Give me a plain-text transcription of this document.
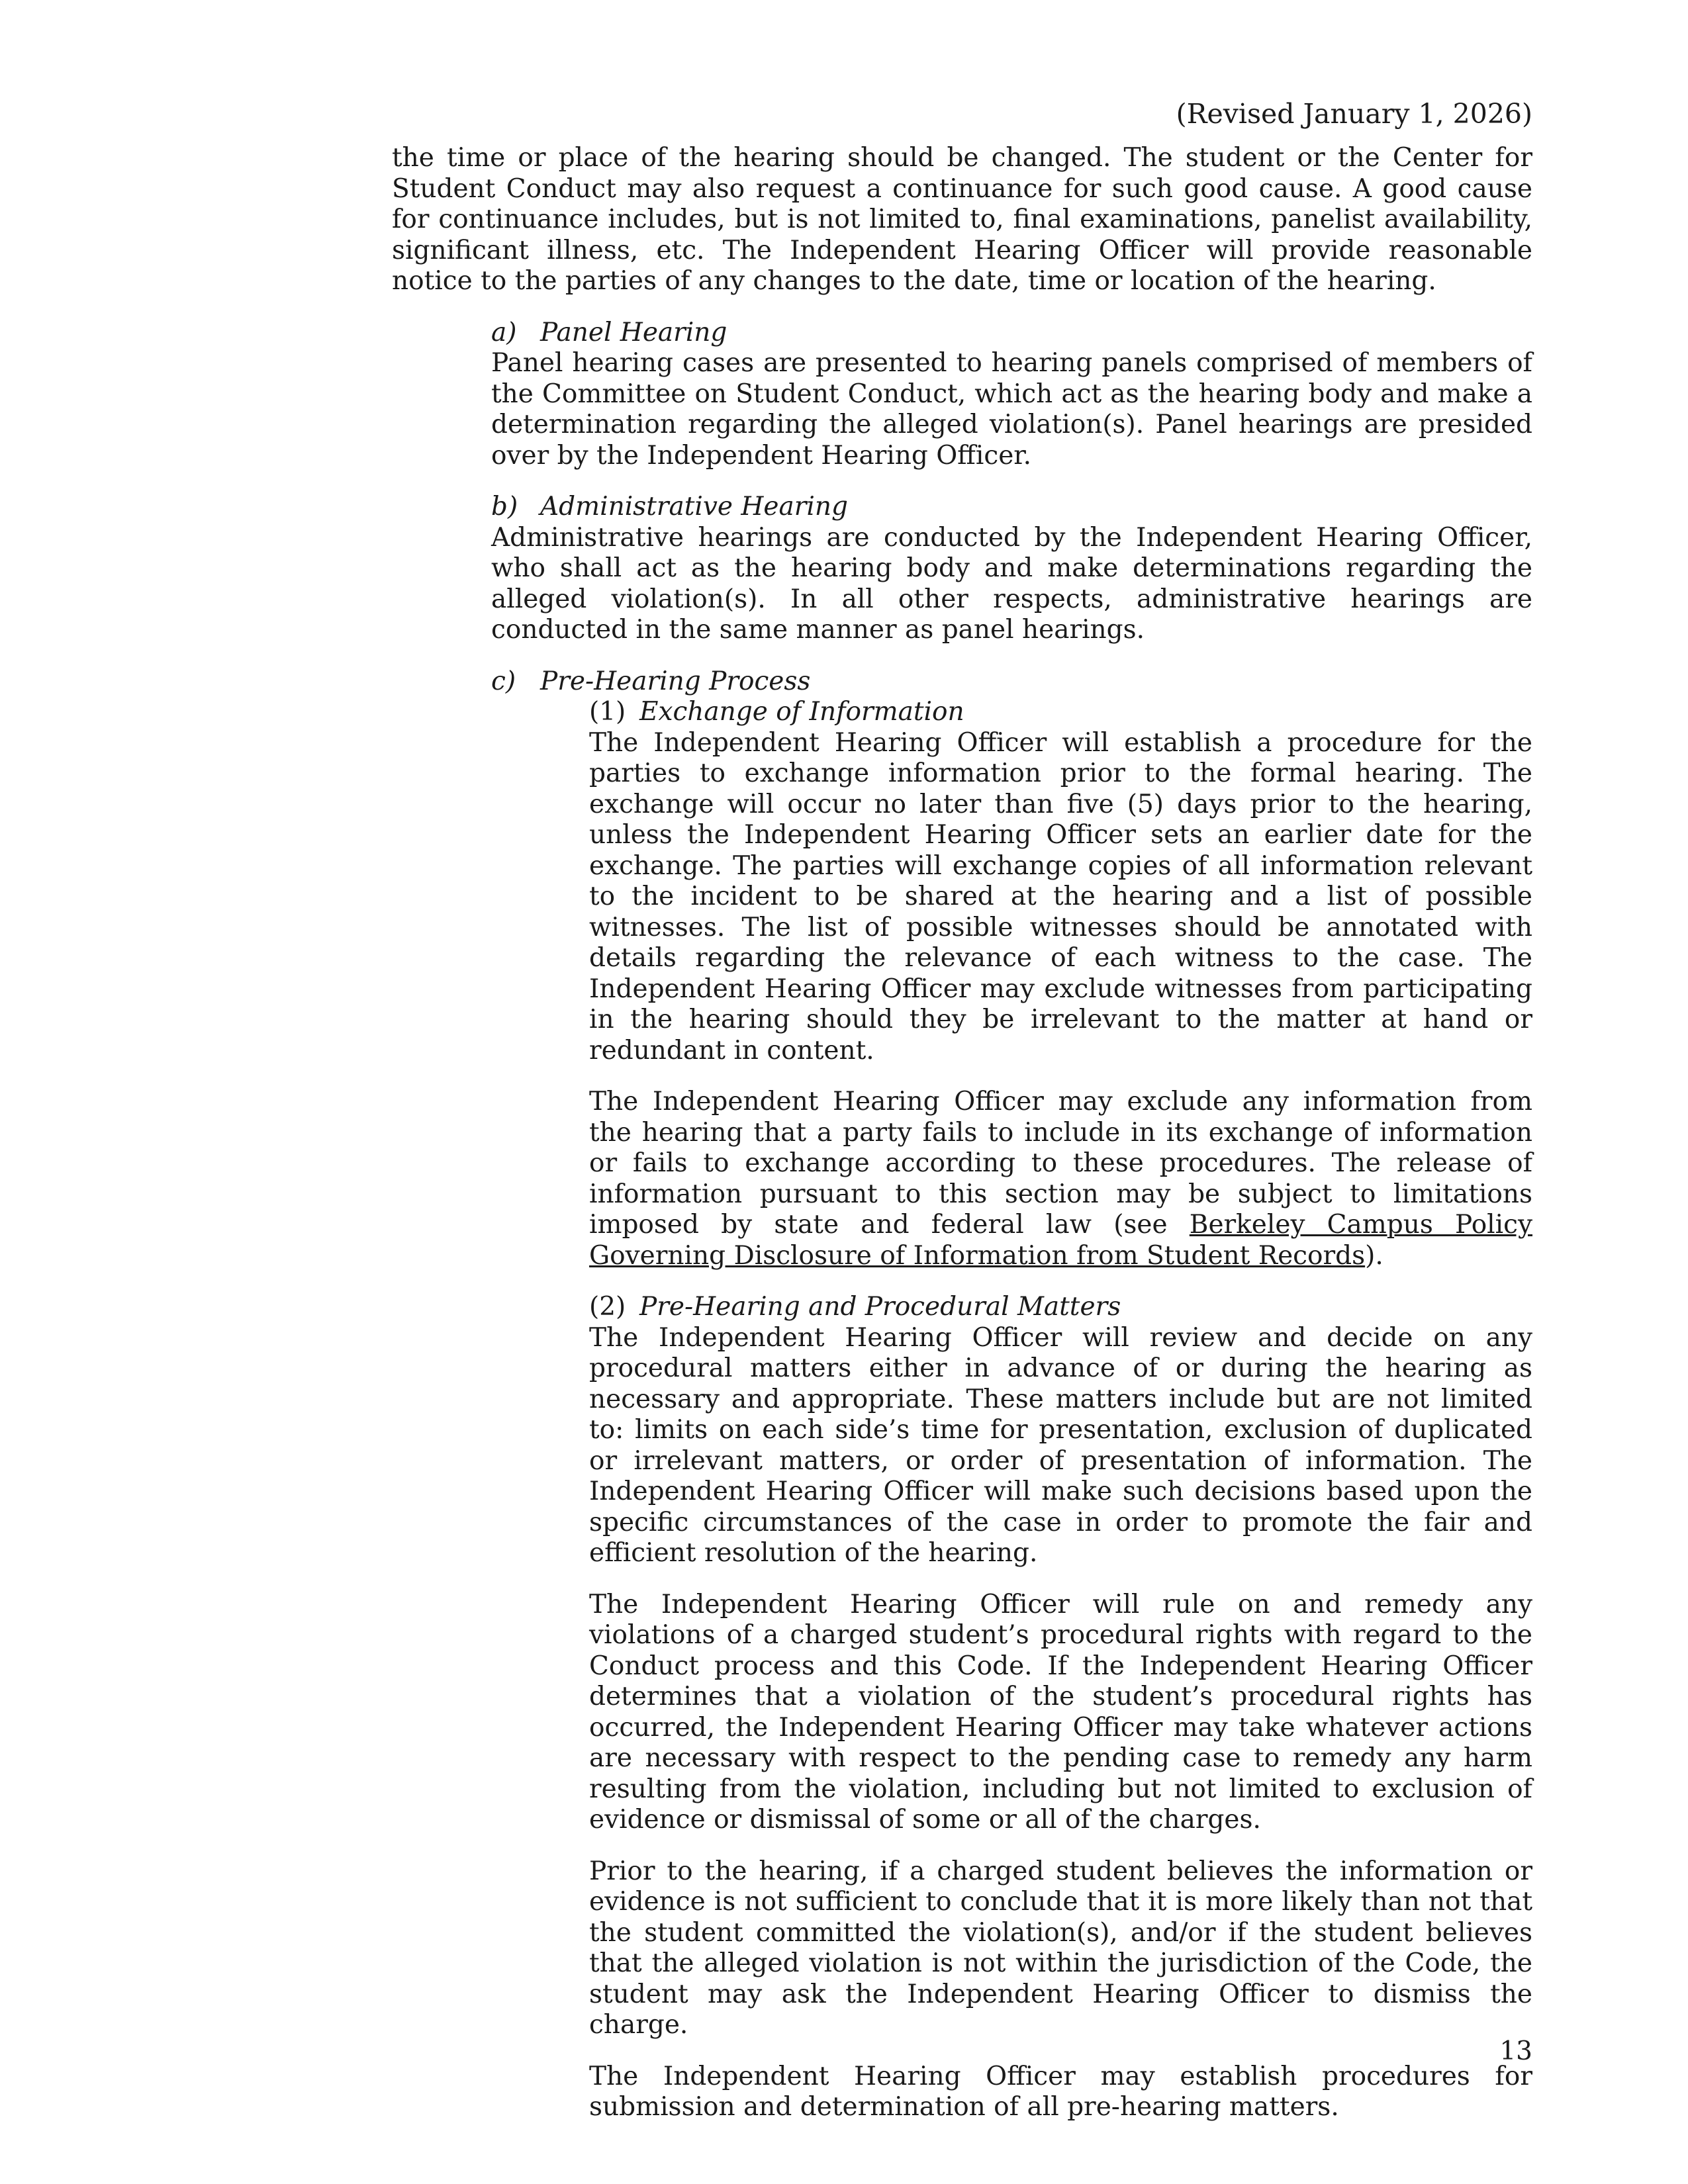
(Revised January 1, 2026)

the time or place of the hearing should be changed. The student or the Center for Student Conduct may also request a continuance for such good cause. A good cause for continuance includes, but is not limited to, final examinations, panelist availability, significant illness, etc. The Independent Hearing Officer will provide reasonable notice to the parties of any changes to the date, time or location of the hearing.

a) Panel Hearing

Panel hearing cases are presented to hearing panels comprised of members of the Committee on Student Conduct, which act as the hearing body and make a determination regarding the alleged violation(s). Panel hearings are presided over by the Independent Hearing Officer.

b) Administrative Hearing

Administrative hearings are conducted by the Independent Hearing Officer, who shall act as the hearing body and make determinations regarding the alleged violation(s). In all other respects, administrative hearings are conducted in the same manner as panel hearings.

c) Pre-Hearing Process
(1) Exchange of Information

The Independent Hearing Officer will establish a procedure for the parties to exchange information prior to the formal hearing. The exchange will occur no later than five (5) days prior to the hearing, unless the Independent Hearing Officer sets an earlier date for the exchange. The parties will exchange copies of all information relevant to the incident to be shared at the hearing and a list of possible witnesses. The list of possible witnesses should be annotated with details regarding the relevance of each witness to the case. The Independent Hearing Officer may exclude witnesses from participating in the hearing should they be irrelevant to the matter at hand or redundant in content.

The Independent Hearing Officer may exclude any information from the hearing that a party fails to include in its exchange of information or fails to exchange according to these procedures. The release of information pursuant to this section may be subject to limitations imposed by state and federal law (see Berkeley Campus Policy Governing Disclosure of Information from Student Records).

(2) Pre-Hearing and Procedural Matters

The Independent Hearing Officer will review and decide on any procedural matters either in advance of or during the hearing as necessary and appropriate. These matters include but are not limited to: limits on each side’s time for presentation, exclusion of duplicated or irrelevant matters, or order of presentation of information. The Independent Hearing Officer will make such decisions based upon the specific circumstances of the case in order to promote the fair and efficient resolution of the hearing.

The Independent Hearing Officer will rule on and remedy any violations of a charged student’s procedural rights with regard to the Conduct process and this Code. If the Independent Hearing Officer determines that a violation of the student’s procedural rights has occurred, the Independent Hearing Officer may take whatever actions are necessary with respect to the pending case to remedy any harm resulting from the violation, including but not limited to exclusion of evidence or dismissal of some or all of the charges.

Prior to the hearing, if a charged student believes the information or evidence is not sufficient to conclude that it is more likely than not that the student committed the violation(s), and/or if the student believes that the alleged violation is not within the jurisdiction of the Code, the student may ask the Independent Hearing Officer to dismiss the charge.

The Independent Hearing Officer may establish procedures for submission and determination of all pre-hearing matters.

13
